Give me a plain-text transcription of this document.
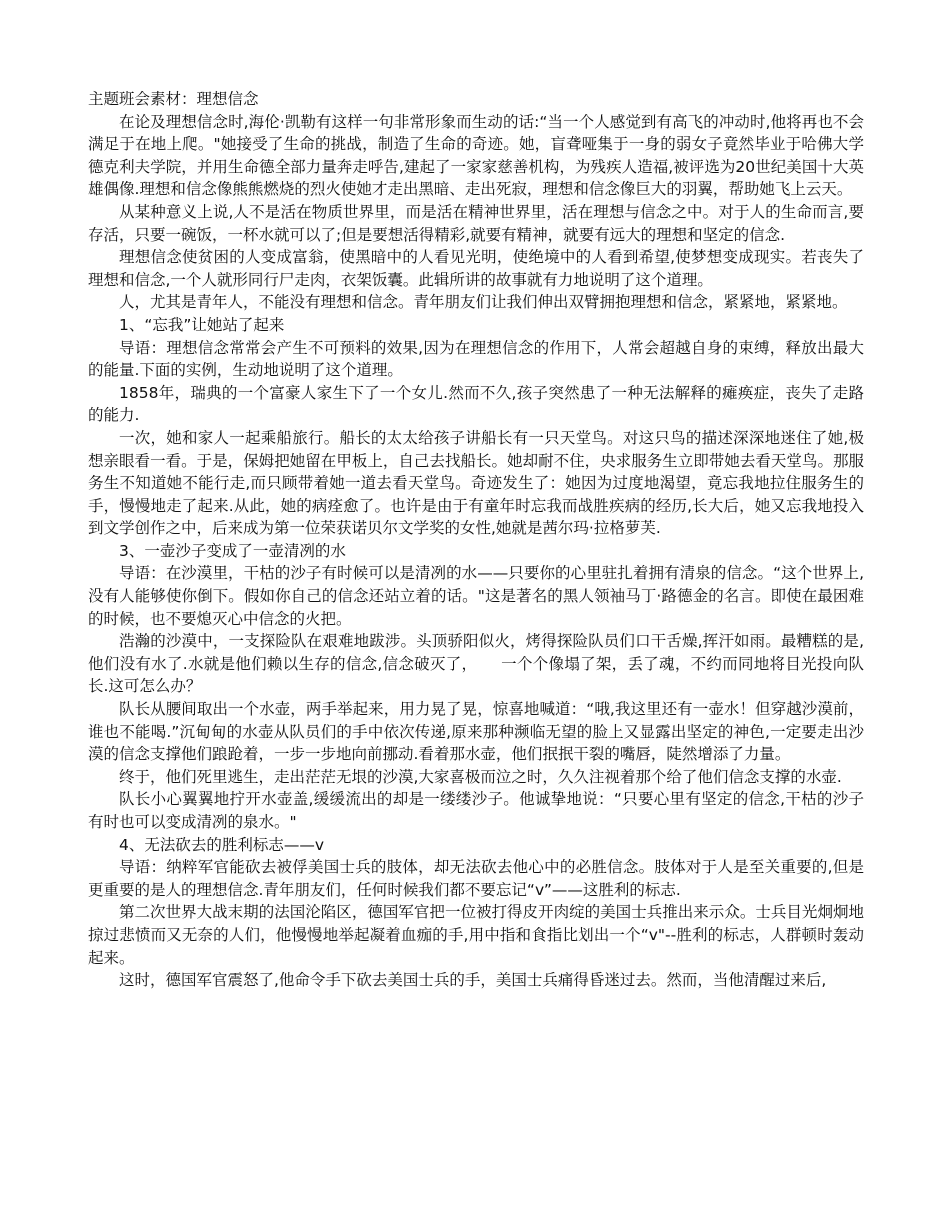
主题班会素材：理想信念

在论及理想信念时,海伦·凯勒有这样一句非常形象而生动的话:“当一个人感觉到有高飞的冲动时,他将再也不会满足于在地上爬。"她接受了生命的挑战，制造了生命的奇迹。她，盲聋哑集于一身的弱女子竟然毕业于哈佛大学德克利夫学院，并用生命德全部力量奔走呼告,建起了一家家慈善机构，为残疾人造福,被评选为20世纪美国十大英雄偶像.理想和信念像熊熊燃烧的烈火使她才走出黑暗、走出死寂，理想和信念像巨大的羽翼，帮助她飞上云天。

从某种意义上说,人不是活在物质世界里，而是活在精神世界里，活在理想与信念之中。对于人的生命而言,要存活，只要一碗饭，一杯水就可以了;但是要想活得精彩,就要有精神，就要有远大的理想和坚定的信念.

理想信念使贫困的人变成富翁，使黑暗中的人看见光明，使绝境中的人看到希望,使梦想变成现实。若丧失了理想和信念,一个人就形同行尸走肉，衣架饭囊。此辑所讲的故事就有力地说明了这个道理。

人，尤其是青年人，不能没有理想和信念。青年朋友们让我们伸出双臂拥抱理想和信念，紧紧地，紧紧地。

1、“忘我”让她站了起来

导语：理想信念常常会产生不可预料的效果,因为在理想信念的作用下，人常会超越自身的束缚，释放出最大的能量.下面的实例，生动地说明了这个道理。

1858年，瑞典的一个富豪人家生下了一个女儿.然而不久,孩子突然患了一种无法解释的瘫痪症，丧失了走路的能力.

一次，她和家人一起乘船旅行。船长的太太给孩子讲船长有一只天堂鸟。对这只鸟的描述深深地迷住了她,极想亲眼看一看。于是，保姆把她留在甲板上，自己去找船长。她却耐不住，央求服务生立即带她去看天堂鸟。那服务生不知道她不能行走,而只顾带着她一道去看天堂鸟。奇迹发生了：她因为过度地渴望，竟忘我地拉住服务生的手，慢慢地走了起来.从此，她的病痊愈了。也许是由于有童年时忘我而战胜疾病的经历,长大后，她又忘我地投入到文学创作之中，后来成为第一位荣获诺贝尔文学奖的女性,她就是茜尔玛·拉格萝芙.

3、一壶沙子变成了一壶清冽的水

导语：在沙漠里，干枯的沙子有时候可以是清冽的水——只要你的心里驻扎着拥有清泉的信念。“这个世界上,没有人能够使你倒下。假如你自己的信念还站立着的话。"这是著名的黑人领袖马丁·路德金的名言。即使在最困难的时候，也不要熄灭心中信念的火把。

浩瀚的沙漠中，一支探险队在艰难地跋涉。头顶骄阳似火，烤得探险队员们口干舌燥,挥汗如雨。最糟糕的是,他们没有水了.水就是他们赖以生存的信念,信念破灭了，　　一个个像塌了架，丢了魂，不约而同地将目光投向队长.这可怎么办？

队长从腰间取出一个水壶，两手举起来，用力晃了晃，惊喜地喊道：“哦,我这里还有一壶水！但穿越沙漠前，谁也不能喝.”沉甸甸的水壶从队员们的手中依次传递,原来那种濒临无望的脸上又显露出坚定的神色,一定要走出沙漠的信念支撑他们踉跄着，一步一步地向前挪动.看着那水壶，他们抿抿干裂的嘴唇，陡然增添了力量。

终于，他们死里逃生，走出茫茫无垠的沙漠,大家喜极而泣之时，久久注视着那个给了他们信念支撑的水壶.

队长小心翼翼地拧开水壶盖,缓缓流出的却是一缕缕沙子。他诚挚地说：“只要心里有坚定的信念,干枯的沙子有时也可以变成清冽的泉水。"

4、无法砍去的胜利标志——v

导语：纳粹军官能砍去被俘美国士兵的肢体，却无法砍去他心中的必胜信念。肢体对于人是至关重要的,但是更重要的是人的理想信念.青年朋友们，任何时候我们都不要忘记“v”——这胜利的标志.

第二次世界大战末期的法国沦陷区，德国军官把一位被打得皮开肉绽的美国士兵推出来示众。士兵目光炯炯地掠过悲愤而又无奈的人们，他慢慢地举起凝着血痂的手,用中指和食指比划出一个“v"--胜利的标志，人群顿时轰动起来。

这时，德国军官震怒了,他命令手下砍去美国士兵的手，美国士兵痛得昏迷过去。然而，当他清醒过来后,
